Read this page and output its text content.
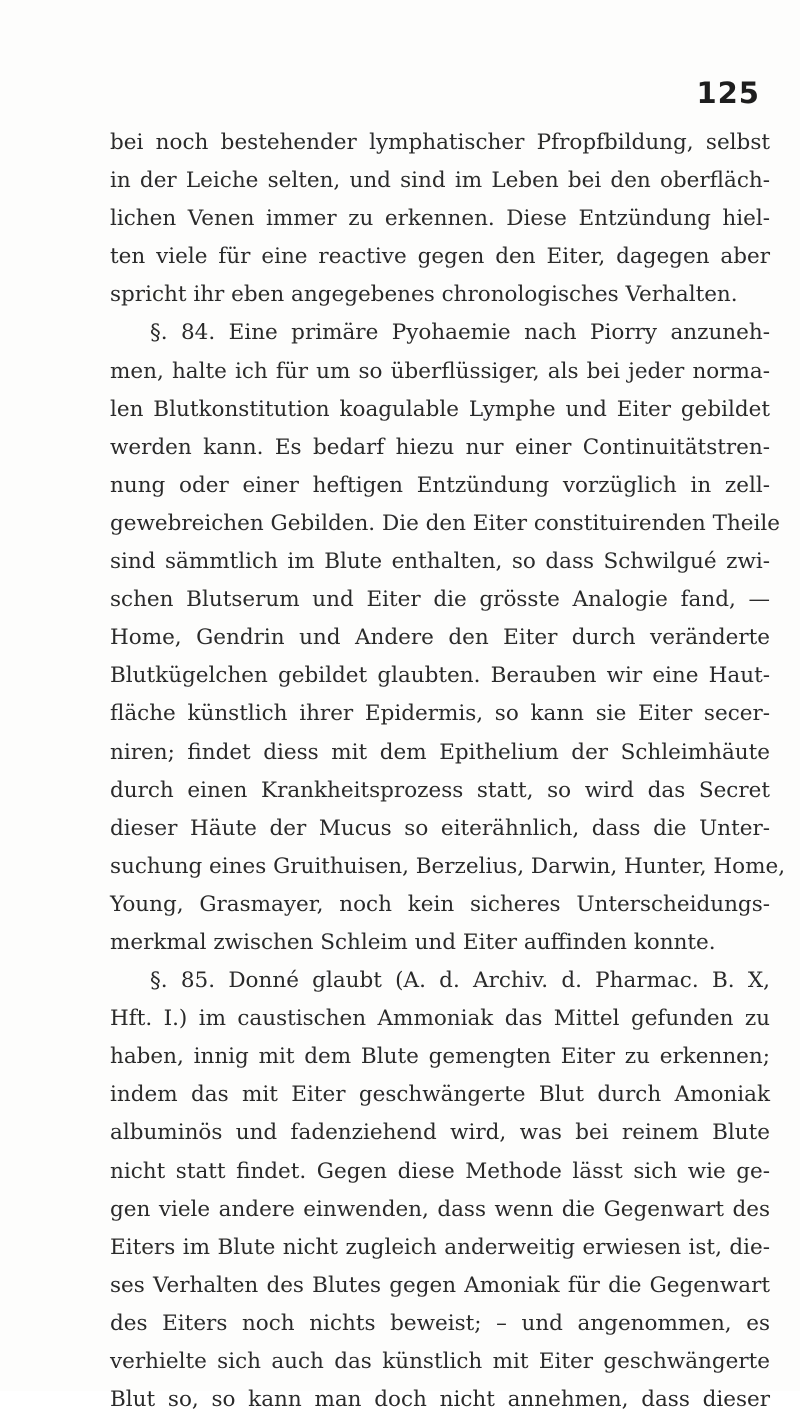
125
bei noch bestehender lymphatischer Pfropfbildung, selbst
in der Leiche selten, und sind im Leben bei den oberfläch-
lichen Venen immer zu erkennen. Diese Entzündung hiel-
ten viele für eine reactive gegen den Eiter, dagegen aber
spricht ihr eben angegebenes chronologisches Verhalten.
§. 84. Eine primäre Pyohaemie nach Piorry anzuneh-
men, halte ich für um so überflüssiger, als bei jeder norma-
len Blutkonstitution koagulable Lymphe und Eiter gebildet
werden kann. Es bedarf hiezu nur einer Continuitätstren-
nung oder einer heftigen Entzündung vorzüglich in zell-
gewebreichen Gebilden. Die den Eiter constituirenden Theile
sind sämmtlich im Blute enthalten, so dass Schwilgué zwi-
schen Blutserum und Eiter die grösste Analogie fand, —
Home, Gendrin und Andere den Eiter durch veränderte
Blutkügelchen gebildet glaubten. Berauben wir eine Haut-
fläche künstlich ihrer Epidermis, so kann sie Eiter secer-
niren; findet diess mit dem Epithelium der Schleimhäute
durch einen Krankheitsprozess statt, so wird das Secret
dieser Häute der Mucus so eiterähnlich, dass die Unter-
suchung eines Gruithuisen, Berzelius, Darwin, Hunter, Home,
Young, Grasmayer, noch kein sicheres Unterscheidungs-
merkmal zwischen Schleim und Eiter auffinden konnte.
§. 85. Donné glaubt (A. d. Archiv. d. Pharmac. B. X,
Hft. I.) im caustischen Ammoniak das Mittel gefunden zu
haben, innig mit dem Blute gemengten Eiter zu erkennen;
indem das mit Eiter geschwängerte Blut durch Amoniak
albuminös und fadenziehend wird, was bei reinem Blute
nicht statt findet. Gegen diese Methode lässt sich wie ge-
gen viele andere einwenden, dass wenn die Gegenwart des
Eiters im Blute nicht zugleich anderweitig erwiesen ist, die-
ses Verhalten des Blutes gegen Amoniak für die Gegenwart
des Eiters noch nichts beweist; – und angenommen, es
verhielte sich auch das künstlich mit Eiter geschwängerte
Blut so, so kann man doch nicht annehmen, dass dieser
